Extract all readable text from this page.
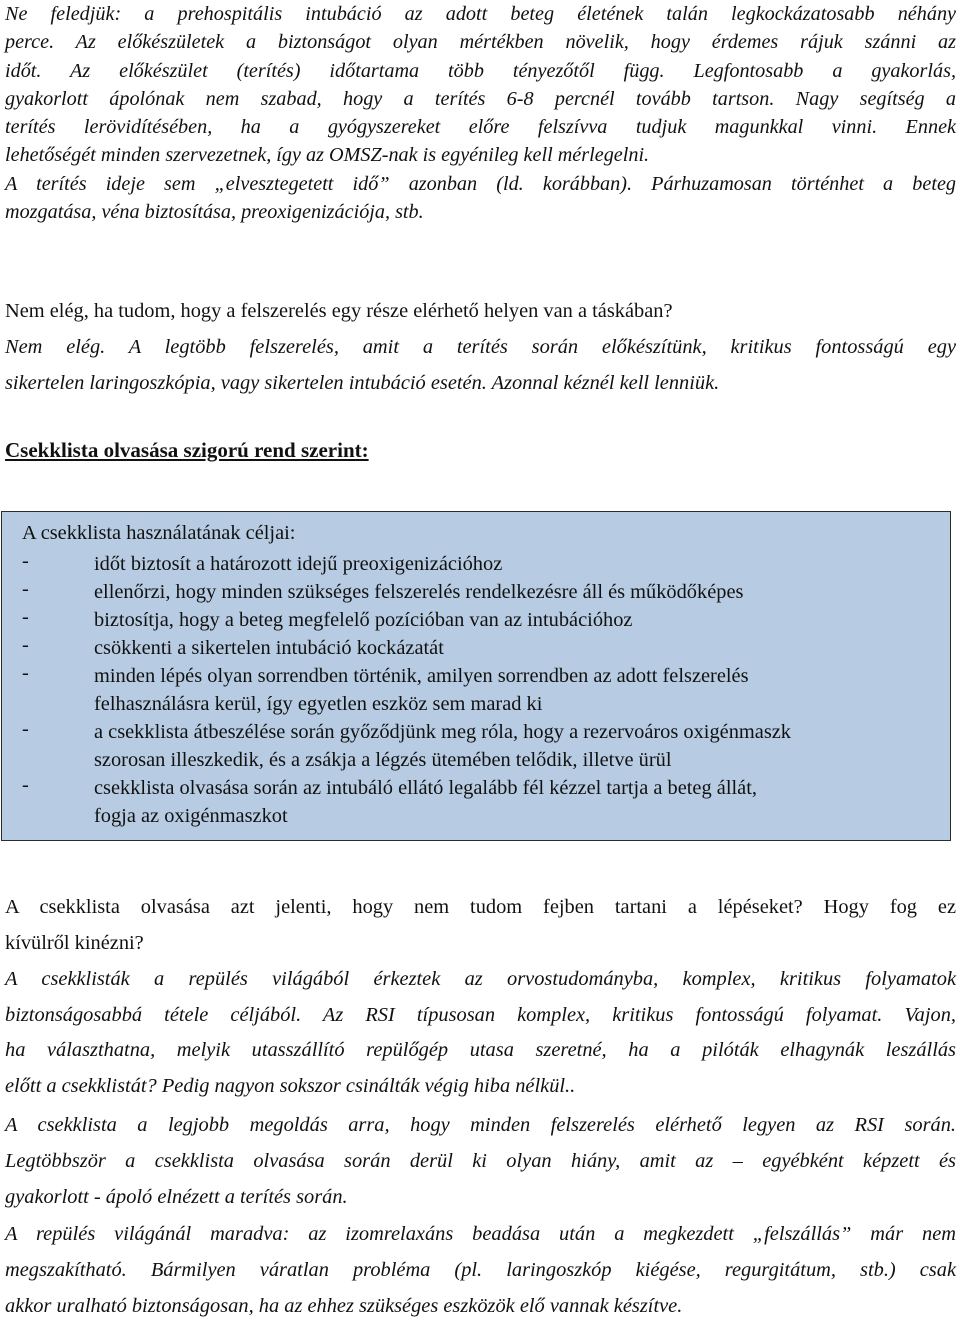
Ne feledjük: a prehospitális intubáció az adott beteg életének talán legkockázatosabb néhány
perce. Az előkészületek a biztonságot olyan mértékben növelik, hogy érdemes rájuk szánni az
időt. Az előkészület (terítés) időtartama több tényezőtől függ. Legfontosabb a gyakorlás,
gyakorlott ápolónak nem szabad, hogy a terítés 6-8 percnél tovább tartson. Nagy segítség a
terítés lerövidítésében, ha a gyógyszereket előre felszívva tudjuk magunkkal vinni. Ennek
lehetőségét minden szervezetnek, így az OMSZ-nak is egyénileg kell mérlegelni.
A terítés ideje sem „elvesztegetett idő” azonban (ld. korábban). Párhuzamosan történhet a beteg
mozgatása, véna biztosítása, preoxigenizációja, stb.
Nem elég, ha tudom, hogy a felszerelés egy része elérhető helyen van a táskában?
Nem elég. A legtöbb felszerelés, amit a terítés során előkészítünk, kritikus fontosságú egy
sikertelen laringoszkópia, vagy sikertelen intubáció esetén. Azonnal kéznél kell lenniük.

Csekklista olvasása szigorú rend szerint:

A csekklista használatának céljai:
-	időt biztosít a határozott idejű preoxigenizációhoz
-	ellenőrzi, hogy minden szükséges felszerelés rendelkezésre áll és működőképes
-	biztosítja, hogy a beteg megfelelő pozícióban van az intubációhoz
-	csökkenti a sikertelen intubáció kockázatát
-	minden lépés olyan sorrendben történik, amilyen sorrendben az adott felszerelés
felhasználásra kerül, így egyetlen eszköz sem marad ki
-	a csekklista átbeszélése során győződjünk meg róla, hogy a rezervoáros oxigénmaszk
szorosan illeszkedik, és a zsákja a légzés ütemében telődik, illetve ürül
-	csekklista olvasása során az intubáló ellátó legalább fél kézzel tartja a beteg állát,
fogja az oxigénmaszkot
A csekklista olvasása azt jelenti, hogy nem tudom fejben tartani a lépéseket? Hogy fog ez
kívülről kinézni?
A csekklisták a repülés világából érkeztek az orvostudományba, komplex, kritikus folyamatok
biztonságosabbá tétele céljából. Az RSI típusosan komplex, kritikus fontosságú folyamat. Vajon,
ha választhatna, melyik utasszállító repülőgép utasa szeretné, ha a pilóták elhagynák leszállás
előtt a csekklistát? Pedig nagyon sokszor csinálták végig hiba nélkül..
A csekklista a legjobb megoldás arra, hogy minden felszerelés elérhető legyen az RSI során.
Legtöbbször a csekklista olvasása során derül ki olyan hiány, amit az – egyébként képzett és
gyakorlott - ápoló elnézett a terítés során.
A repülés világánál maradva: az izomrelaxáns beadása után a megkezdett „felszállás” már nem
megszakítható. Bármilyen váratlan probléma (pl. laringoszkóp kiégése, regurgitátum, stb.) csak
akkor uralható biztonságosan, ha az ehhez szükséges eszközök elő vannak készítve.
